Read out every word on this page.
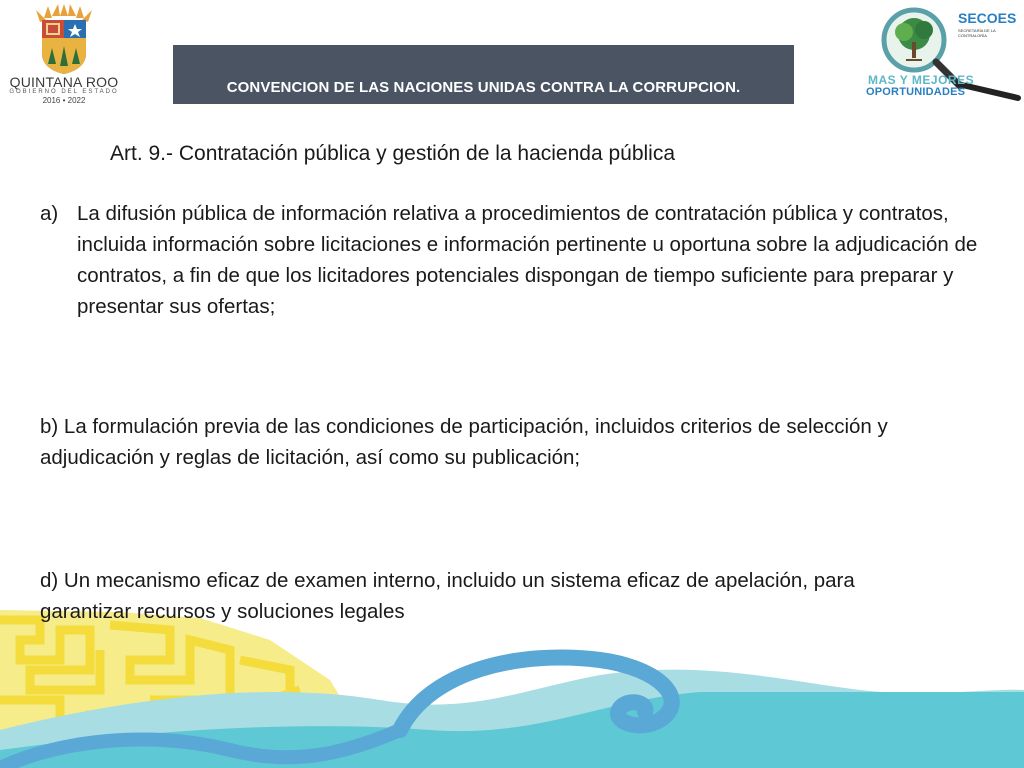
QUINTANA ROO
GOBIERNO DEL ESTADO
2016 • 2022
CONVENCION DE LAS NACIONES UNIDAS CONTRA LA CORRUPCION.
SECOES
SECRETARÍA DE LA CONTRALORÍA
MAS Y MEJORES
OPORTUNIDADES
Art. 9.- Contratación pública y gestión de la hacienda pública
a) La difusión pública de información relativa a procedimientos de contratación pública y contratos, incluida información sobre licitaciones e información pertinente u oportuna sobre la adjudicación de contratos, a fin de que los licitadores potenciales dispongan de tiempo suficiente para preparar y presentar sus ofertas;
b) La formulación previa de las condiciones de participación, incluidos criterios de selección y adjudicación y reglas de licitación, así como su publicación;
d) Un mecanismo eficaz de examen interno, incluido un sistema eficaz de apelación, para garantizar recursos y soluciones legales
